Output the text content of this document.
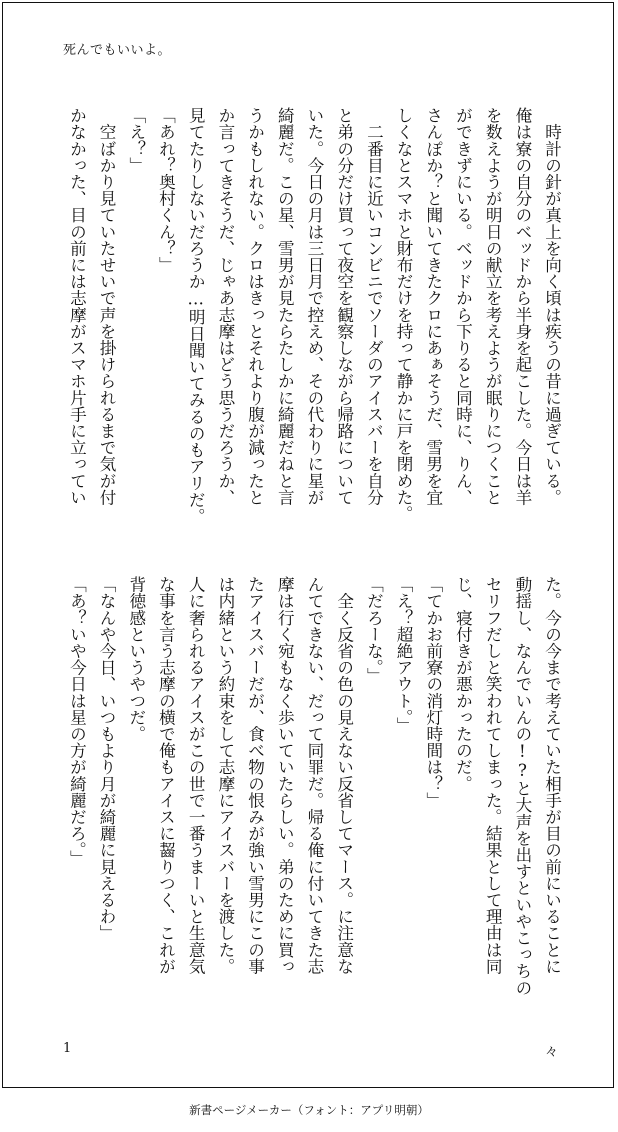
死んでもいいよ。
　時計の針が真上を向く頃は疾うの昔に過ぎている。
俺は寮の自分のベッドから半身を起こした。今日は羊
を数えようが明日の献立を考えようが眠りにつくこと
ができずにいる。ベッドから下りると同時に、りん、
さんぽか？と聞いてきたクロにあぁそうだ、雪男を宜
しくなとスマホと財布だけを持って静かに戸を閉めた。
　二番目に近いコンビニでソーダのアイスバーを自分
と弟の分だけ買って夜空を観察しながら帰路について
いた。今日の月は三日月で控えめ、その代わりに星が
綺麗だ。この星、雪男が見たらたしかに綺麗だねと言
うかもしれない。クロはきっとそれより腹が減ったと
か言ってきそうだ、じゃあ志摩はどう思うだろうか、
見てたりしないだろうか…明日聞いてみるのもアリだ。
「あれ？奥村くん？」
「え？」
　空ばかり見ていたせいで声を掛けられるまで気が付
かなかった、目の前には志摩がスマホ片手に立ってい
た。今の今まで考えていた相手が目の前にいることに
動揺し、なんでいんの!?と大声を出すといやこっちの
セリフだしと笑われてしまった。結果として理由は同
じ、寝付きが悪かったのだ。
「てかお前寮の消灯時間は？」
「え？超絶アウト。」
「だろーな。」
　全く反省の色の見えない反省してマース。に注意な
んてできない、だって同罪だ。帰る俺に付いてきた志
摩は行く宛もなく歩いていたらしい。弟のために買っ
たアイスバーだが、食べ物の恨みが強い雪男にこの事
は内緒という約束をして志摩にアイスバーを渡した。
人に奢られるアイスがこの世で一番うまーいと生意気
な事を言う志摩の横で俺もアイスに齧りつく、これが
背徳感というやつだ。
「なんや今日、いつもより月が綺麗に見えるわ」
「あ？いや今日は星の方が綺麗だろ。」
1	々
新書ページメーカー（フォント：アプリ明朝）
